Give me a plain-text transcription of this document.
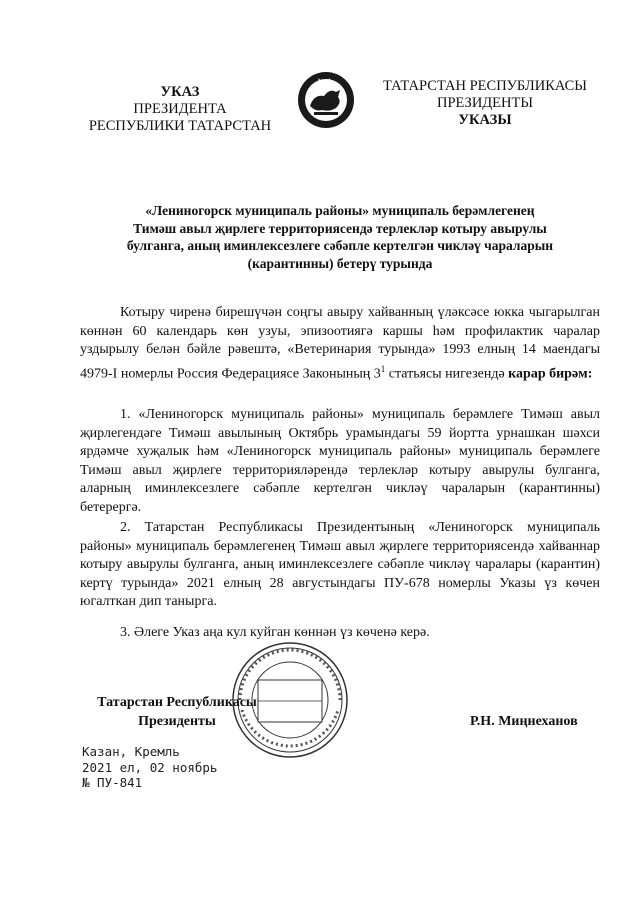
УКАЗ
ПРЕЗИДЕНТА
РЕСПУБЛИКИ ТАТАРСТАН
ТАТАРСТАН РЕСПУБЛИКАСЫ
ПРЕЗИДЕНТЫ
УКАЗЫ
«Лениногорск муниципаль районы» муниципаль берәмлегенең
Тимәш авыл җирлеге территориясендә терлекләр котыру авырулы
булганга, аның иминлексезлеге сәбәпле кертелгән чикләү чараларын
(карантинны) бетерү турында
Котыру чиренә бирешүчән соңгы авыру хайванның үләксәсе юкка чыгарылган көннән 60 календарь көн узуы, эпизоотиягә каршы һәм профилактик чаралар уздырылу белән бәйле рәвештә, «Ветеринария турында» 1993 елның 14 маендагы 4979-I номерлы Россия Федерациясе Законының $3^1$ статьясы нигезендә карар бирәм:
1. «Лениногорск муниципаль районы» муниципаль берәмлеге Тимәш авыл җирлегендәге Тимәш авылының Октябрь урамындагы 59 йортта урнашкан шәхси ярдәмче хуҗалык һәм «Лениногорск муниципаль районы» муниципаль берәмлеге Тимәш авыл җирлеге территорияләрендә терлекләр котыру авырулы булганга, аларның иминлексезлеге сәбәпле кертелгән чикләү чараларын (карантинны) бетерергә.
2. Татарстан Республикасы Президентының «Лениногорск муниципаль районы» муниципаль берәмлегенең Тимәш авыл җирлеге территориясендә хайваннар котыру авырулы булганга, аның иминлексезлеге сәбәпле чикләү чаралары (карантин) кертү турында» 2021 елның 28 августындагы ПУ-678 номерлы Указы үз көчен югалткан дип танырга.
3. Әлеге Указ аңа кул куйган көннән үз көченә керә.
Татарстан Республикасы
Президенты	Р.Н. Миңнеханов
Казан, Кремль
2021 ел, 02 ноябрь
№ ПУ-841
